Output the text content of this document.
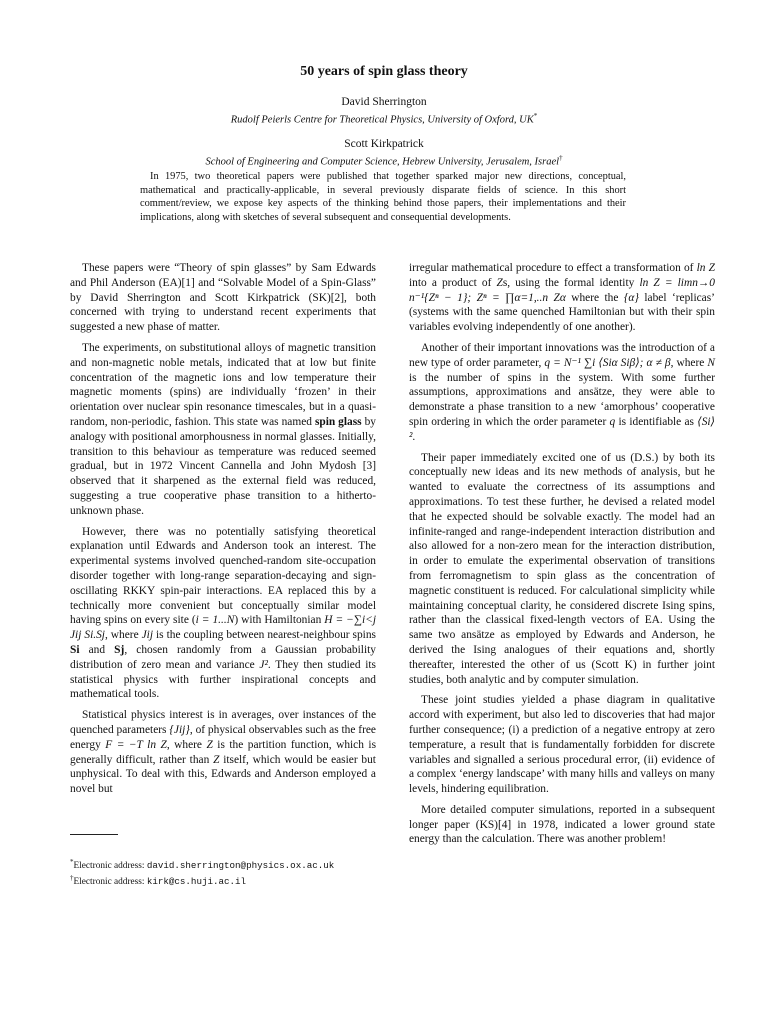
50 years of spin glass theory

David Sherrington

Rudolf Peierls Centre for Theoretical Physics, University of Oxford, UK*

Scott Kirkpatrick

School of Engineering and Computer Science, Hebrew University, Jerusalem, Israel†

In 1975, two theoretical papers were published that together sparked major new directions, conceptual, mathematical and practically-applicable, in several previously disparate fields of science. In this short comment/review, we expose key aspects of the thinking behind those papers, their implementations and their implications, along with sketches of several subsequent and consequential developments.

These papers were “Theory of spin glasses” by Sam Edwards and Phil Anderson (EA)[1] and “Solvable Model of a Spin-Glass” by David Sherrington and Scott Kirkpatrick (SK)[2], both concerned with trying to understand recent experiments that suggested a new phase of matter.

The experiments, on substitutional alloys of magnetic transition and non-magnetic noble metals, indicated that at low but finite concentration of the magnetic ions and low temperature their magnetic moments (spins) are individually ‘frozen’ in their orientation over nuclear spin resonance timescales, but in a quasi-random, non-periodic, fashion. This state was named spin glass by analogy with positional amorphousness in normal glasses. Initially, transition to this behaviour as temperature was reduced seemed gradual, but in 1972 Vincent Cannella and John Mydosh [3] observed that it sharpened as the external field was reduced, suggesting a true cooperative phase transition to a hitherto-unknown phase.

However, there was no potentially satisfying theoretical explanation until Edwards and Anderson took an interest. The experimental systems involved quenched-random site-occupation disorder together with long-range separation-decaying and sign-oscillating RKKY spin-pair interactions. EA replaced this by a technically more convenient but conceptually similar model having spins on every site (i = 1...N) with Hamiltonian H = −∑i<j Jij Si.Sj, where Jij is the coupling between nearest-neighbour spins Si and Sj, chosen randomly from a Gaussian probability distribution of zero mean and variance J². They then studied its statistical physics with further inspirational concepts and mathematical tools.

Statistical physics interest is in averages, over instances of the quenched parameters {Jij}, of physical observables such as the free energy F = −T ln Z, where Z is the partition function, which is generally difficult, rather than Z itself, which would be easier but unphysical. To deal with this, Edwards and Anderson employed a novel but

irregular mathematical procedure to effect a transformation of ln Z into a product of Zs, using the formal identity ln Z = limn→0 n⁻¹{Zⁿ − 1}; Zⁿ = ∏α=1,..n Zα where the {α} label ‘replicas’ (systems with the same quenched Hamiltonian but with their spin variables evolving independently of one another).

Another of their important innovations was the introduction of a new type of order parameter, q = N⁻¹ ∑i ⟨Siα Siβ⟩; α ≠ β, where N is the number of spins in the system. With some further assumptions, approximations and ansätze, they were able to demonstrate a phase transition to a new ‘amorphous’ cooperative spin ordering in which the order parameter q is identifiable as ⟨Si⟩².

Their paper immediately excited one of us (D.S.) by both its conceptually new ideas and its new methods of analysis, but he wanted to evaluate the correctness of its assumptions and approximations. To test these further, he devised a related model that he expected should be solvable exactly. The model had an infinite-ranged and range-independent interaction distribution and also allowed for a non-zero mean for the interaction distribution, in order to emulate the experimental observation of transitions from ferromagnetism to spin glass as the concentration of magnetic constituent is reduced. For calculational simplicity while maintaining conceptual clarity, he considered discrete Ising spins, rather than the classical fixed-length vectors of EA. Using the same two ansätze as employed by Edwards and Anderson, he derived the Ising analogues of their equations and, shortly thereafter, interested the other of us (Scott K) in further joint studies, both analytic and by computer simulation.

These joint studies yielded a phase diagram in qualitative accord with experiment, but also led to discoveries that had major further consequence; (i) a prediction of a negative entropy at zero temperature, a result that is fundamentally forbidden for discrete variables and signalled a serious procedural error, (ii) evidence of a complex ‘energy landscape’ with many hills and valleys on many levels, hindering equilibration.

More detailed computer simulations, reported in a subsequent longer paper (KS)[4] in 1978, indicated a lower ground state energy than the calculation. There was another problem!

*Electronic address: david.sherrington@physics.ox.ac.uk

†Electronic address: kirk@cs.huji.ac.il
